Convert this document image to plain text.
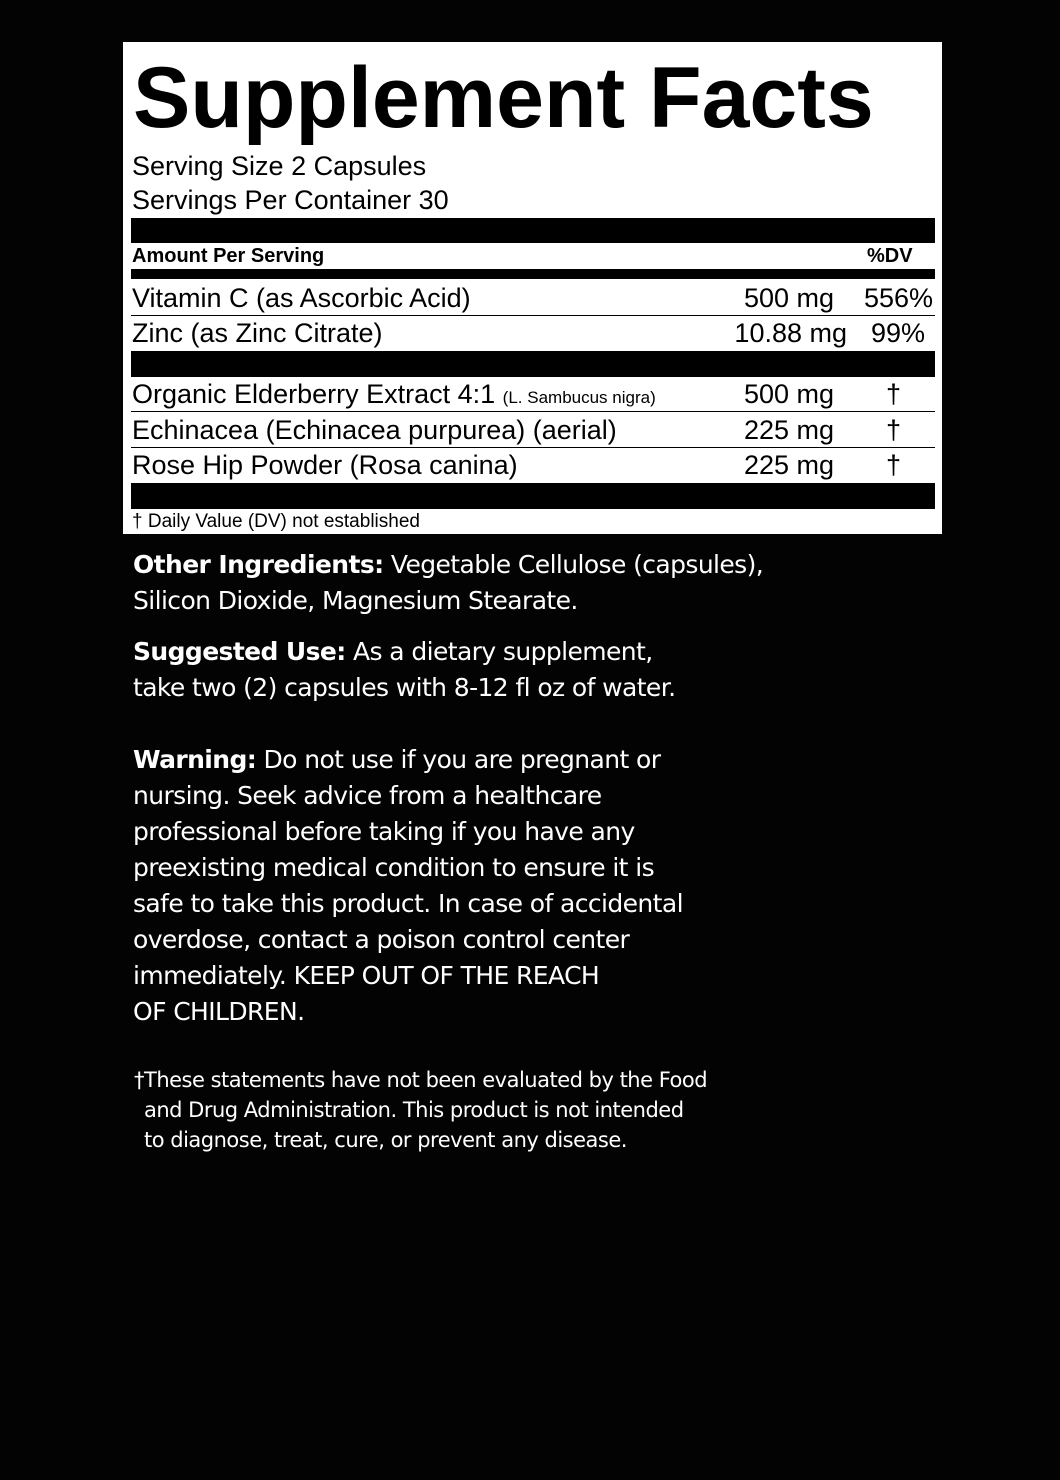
Supplement Facts
Serving Size 2 Capsules
Servings Per Container 30
Amount Per Serving	%DV
Vitamin C (as Ascorbic Acid)	500 mg	556%
Zinc (as Zinc Citrate)	10.88 mg 99%
Organic Elderberry Extract 4:1 (L. Sambucus nigra)	500 mg †
Echinacea (Echinacea purpurea) (aerial)	225 mg †
Rose Hip Powder (Rosa canina)	225 mg †
† Daily Value (DV) not established
Other Ingredients: Vegetable Cellulose (capsules),
Silicon Dioxide, Magnesium Stearate.
Suggested Use: As a dietary supplement,
take two (2) capsules with 8-12 fl oz of water.
Warning: Do not use if you are pregnant or
nursing. Seek advice from a healthcare
professional before taking if you have any
preexisting medical condition to ensure it is
safe to take this product. In case of accidental
overdose, contact a poison control center
immediately. KEEP OUT OF THE REACH
OF CHILDREN.
†These statements have not been evaluated by the Food
and Drug Administration. This product is not intended
to diagnose, treat, cure, or prevent any disease.
